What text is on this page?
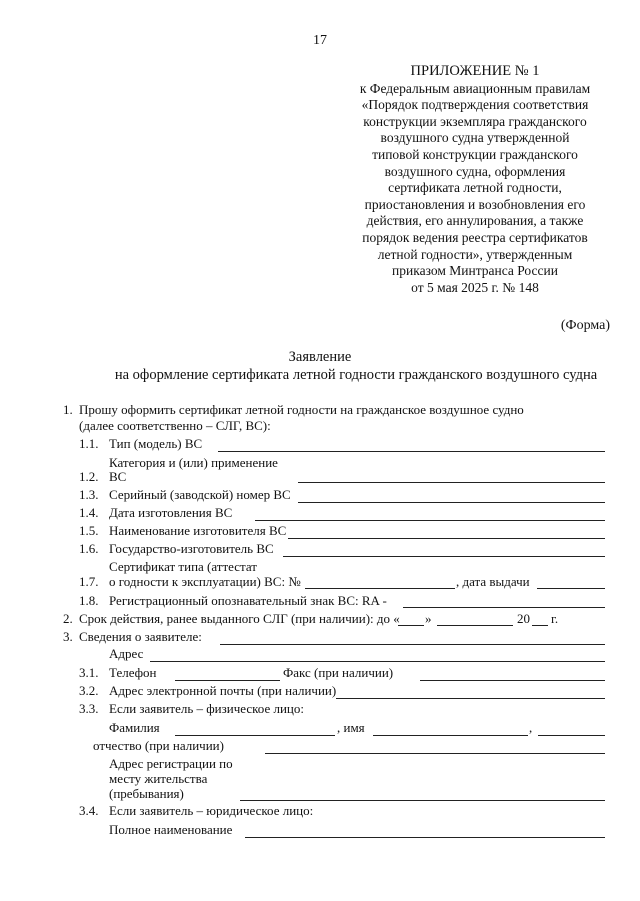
17
ПРИЛОЖЕНИЕ № 1
к Федеральным авиационным правилам
«Порядок подтверждения соответствия
конструкции экземпляра гражданского
воздушного судна утвержденной
типовой конструкции гражданского
воздушного судна, оформления
сертификата летной годности,
приостановления и возобновления его
действия, его аннулирования, а также
порядок ведения реестра сертификатов
летной годности», утвержденным
приказом Минтранса России
от 5 мая 2025 г. № 148
(Форма)
Заявление
на оформление сертификата летной годности гражданского воздушного судна
1. Прошу оформить сертификат летной годности на гражданское воздушное судно
(далее соответственно – СЛГ, ВС):
1.1. Тип (модель) ВС
Категория и (или) применение
1.2. ВС
1.3. Серийный (заводской) номер ВС
1.4. Дата изготовления ВС
1.5. Наименование изготовителя ВС
1.6. Государство-изготовитель ВС
Сертификат типа (аттестат
1.7. о годности к эксплуатации) ВС: №	, дата выдачи
1.8. Регистрационный опознавательный знак ВС: RA -
2. Срок действия, ранее выданного СЛГ (при наличии): до « »	20 г.
3. Сведения о заявителе:
Адрес
3.1. Телефон	Факс (при наличии)
3.2. Адрес электронной почты (при наличии)
3.3. Если заявитель – физическое лицо:
Фамилия	, имя	,
отчество (при наличии)
Адрес регистрации по
месту жительства
(пребывания)
3.4. Если заявитель – юридическое лицо:
Полное наименование
